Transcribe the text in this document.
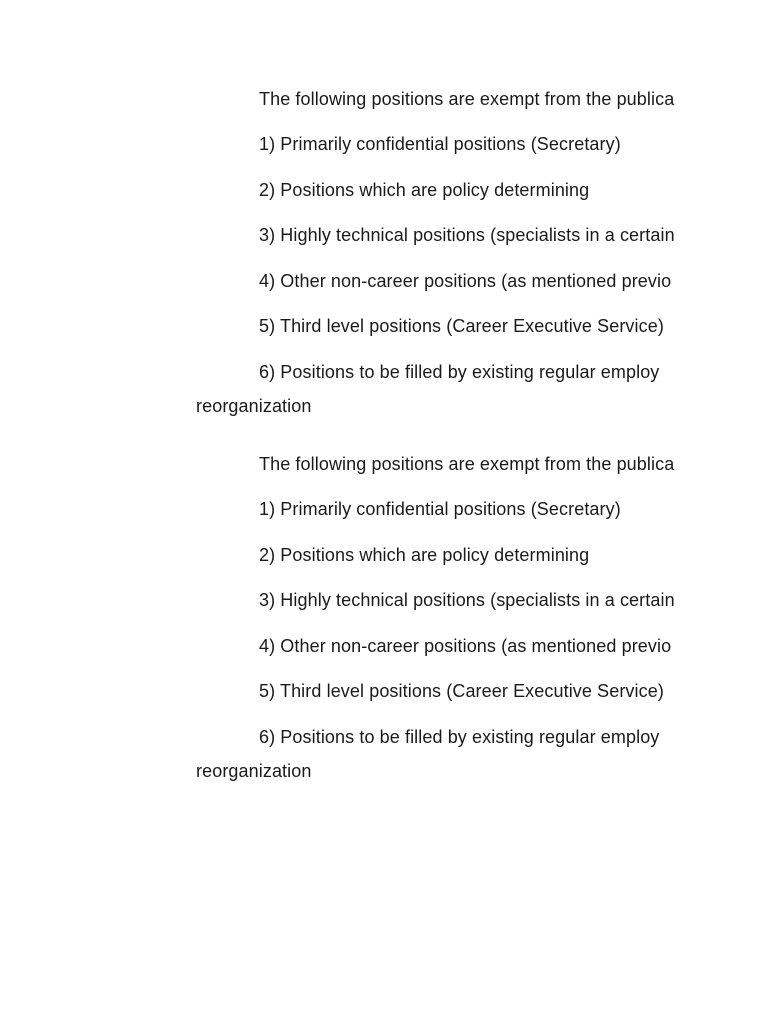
The following positions are exempt from the publica
1) Primarily confidential positions (Secretary)
2) Positions which are policy determining
3) Highly technical positions (specialists in a certain
4) Other non-career positions (as mentioned previo
5) Third level positions (Career Executive Service)
6) Positions to be filled by existing regular employ
reorganization
The following positions are exempt from the publica
1) Primarily confidential positions (Secretary)
2) Positions which are policy determining
3) Highly technical positions (specialists in a certain
4) Other non-career positions (as mentioned previo
5) Third level positions (Career Executive Service)
6) Positions to be filled by existing regular employ
reorganization
